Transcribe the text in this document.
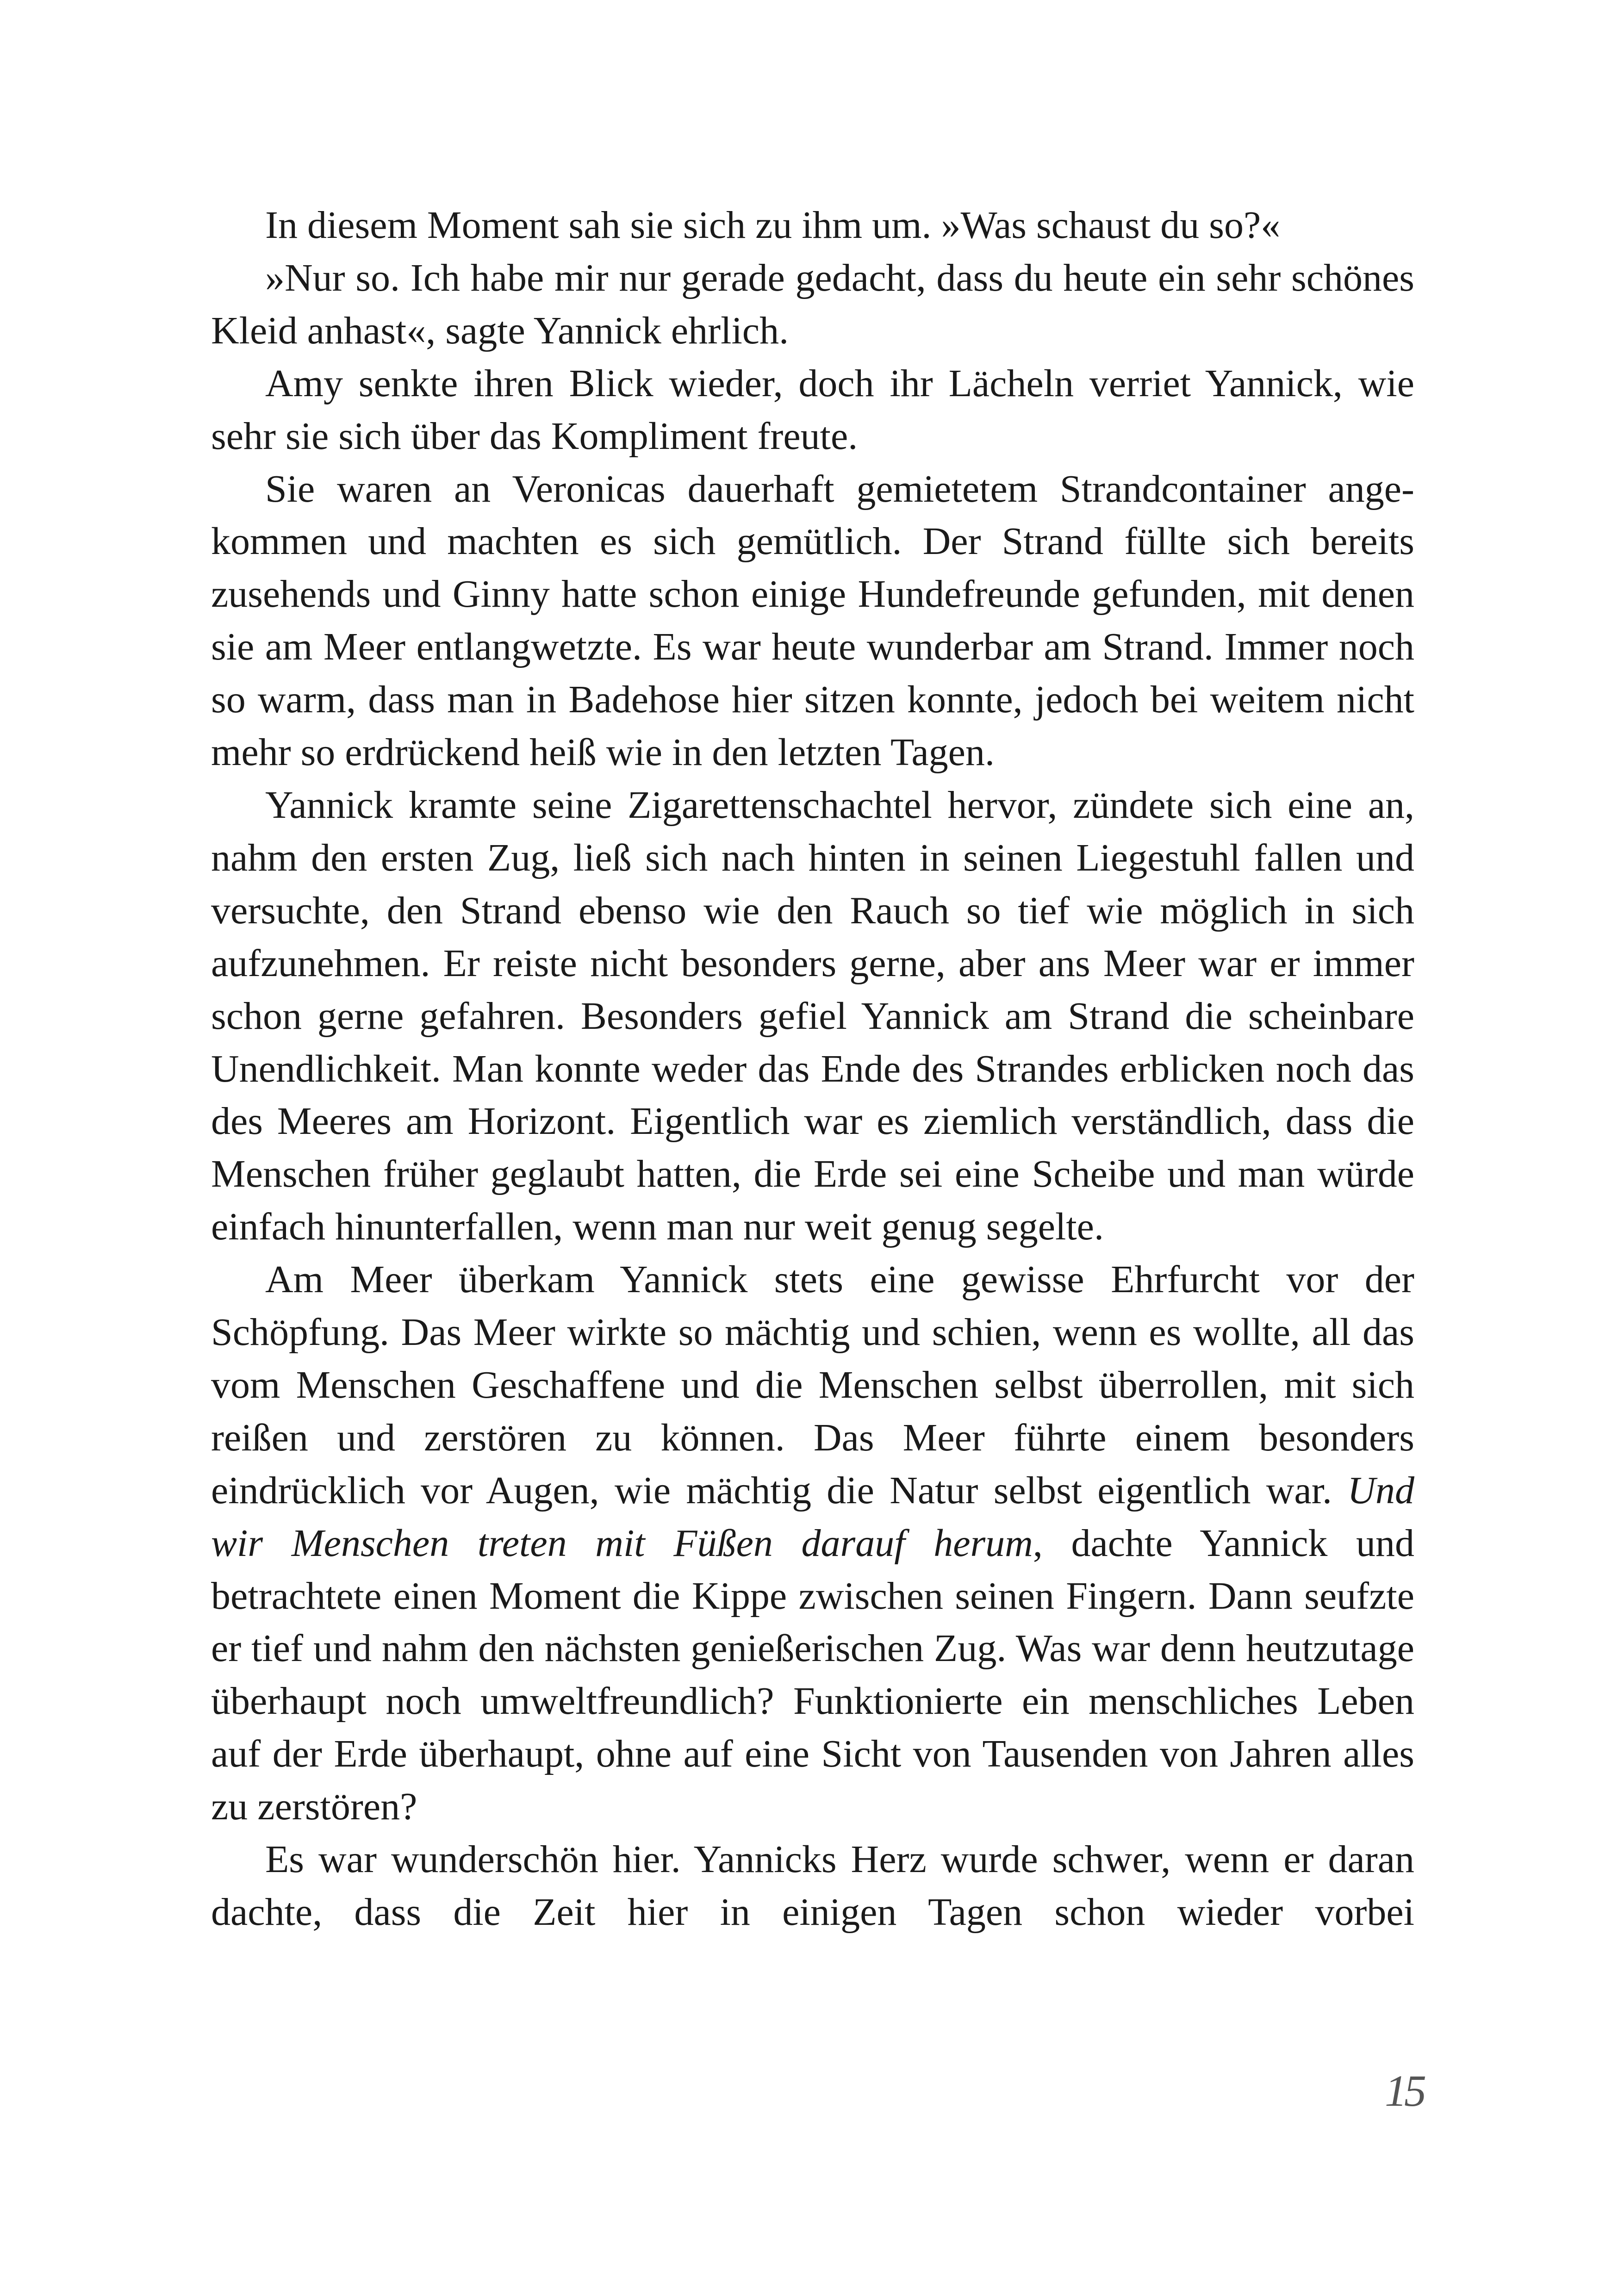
In diesem Moment sah sie sich zu ihm um. »Was schaust du so?«

»Nur so. Ich habe mir nur gerade gedacht, dass du heute ein sehr schönes Kleid anhast«, sagte Yannick ehrlich.

Amy senkte ihren Blick wieder, doch ihr Lächeln verriet Yannick, wie sehr sie sich über das Kompliment freute.

Sie waren an Veronicas dauerhaft gemietetem Strandcontainer angekommen und machten es sich gemütlich. Der Strand füllte sich bereits zusehends und Ginny hatte schon einige Hundefreunde gefunden, mit denen sie am Meer entlangwetzte. Es war heute wunderbar am Strand. Immer noch so warm, dass man in Badehose hier sitzen konnte, jedoch bei weitem nicht mehr so erdrückend heiß wie in den letzten Tagen.

Yannick kramte seine Zigarettenschachtel hervor, zündete sich eine an, nahm den ersten Zug, ließ sich nach hinten in seinen Liegestuhl fallen und versuchte, den Strand ebenso wie den Rauch so tief wie möglich in sich aufzunehmen. Er reiste nicht besonders gerne, aber ans Meer war er immer schon gerne gefahren. Besonders gefiel Yannick am Strand die scheinbare Unendlichkeit. Man konnte weder das Ende des Strandes erblicken noch das des Meeres am Horizont. Eigentlich war es ziemlich verständlich, dass die Menschen früher geglaubt hatten, die Erde sei eine Scheibe und man würde einfach hinunterfallen, wenn man nur weit genug segelte.

Am Meer überkam Yannick stets eine gewisse Ehrfurcht vor der Schöpfung. Das Meer wirkte so mächtig und schien, wenn es wollte, all das vom Menschen Geschaffene und die Menschen selbst überrollen, mit sich reißen und zerstören zu können. Das Meer führte einem besonders eindrücklich vor Augen, wie mächtig die Natur selbst eigentlich war. Und wir Menschen treten mit Füßen darauf herum, dachte Yannick und betrachtete einen Moment die Kippe zwischen seinen Fingern. Dann seufzte er tief und nahm den nächsten genießerischen Zug. Was war denn heutzutage überhaupt noch umweltfreundlich? Funktionierte ein menschliches Leben auf der Erde überhaupt, ohne auf eine Sicht von Tausenden von Jahren alles zu zerstören?

Es war wunderschön hier. Yannicks Herz wurde schwer, wenn er daran dachte, dass die Zeit hier in einigen Tagen schon wieder vorbei

15
